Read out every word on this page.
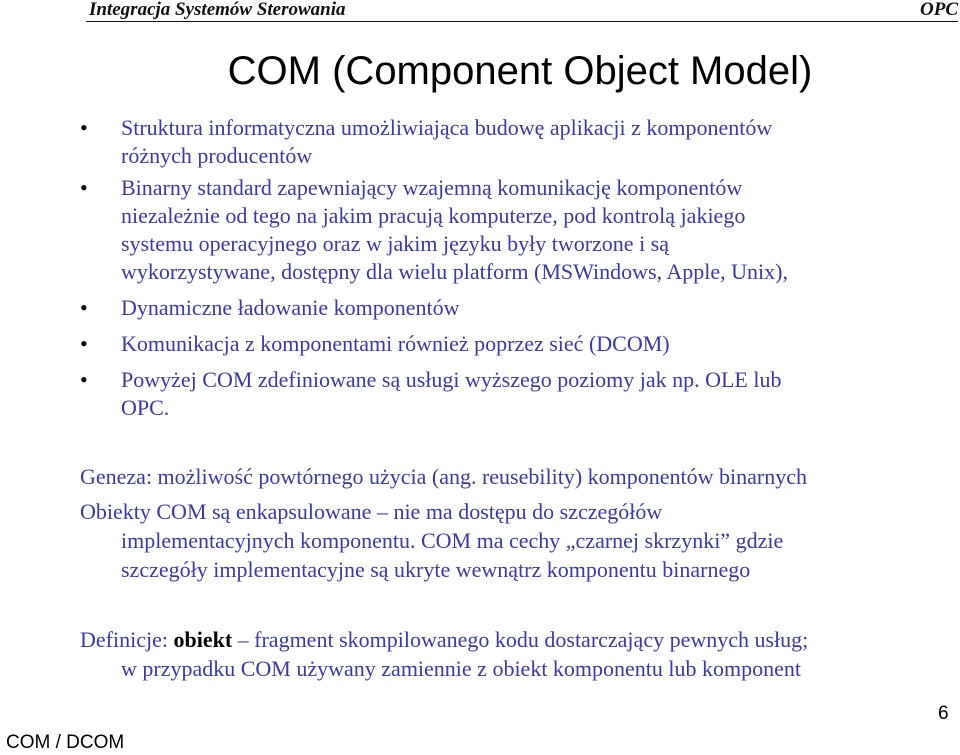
Integracja Systemów Sterowania	OPC
COM (Component Object Model)
• Struktura informatyczna umożliwiająca budowę aplikacji z komponentów
różnych producentów
• Binarny standard zapewniający wzajemną komunikację komponentów
niezależnie od tego na jakim pracują komputerze, pod kontrolą jakiego
systemu operacyjnego oraz w jakim języku były tworzone i są
wykorzystywane, dostępny dla wielu platform (MSWindows, Apple, Unix),
• Dynamiczne ładowanie komponentów
• Komunikacja z komponentami również poprzez sieć (DCOM)
• Powyżej COM zdefiniowane są usługi wyższego poziomy jak np. OLE lub
OPC.
Geneza: możliwość powtórnego użycia (ang. reusebility) komponentów binarnych
Obiekty COM są enkapsulowane – nie ma dostępu do szczegółów
implementacyjnych komponentu. COM ma cechy „czarnej skrzynki” gdzie
szczegóły implementacyjne są ukryte wewnątrz komponentu binarnego
Definicje: obiekt – fragment skompilowanego kodu dostarczający pewnych usług;
w przypadku COM używany zamiennie z obiekt komponentu lub komponent
COM / DCOM
6
